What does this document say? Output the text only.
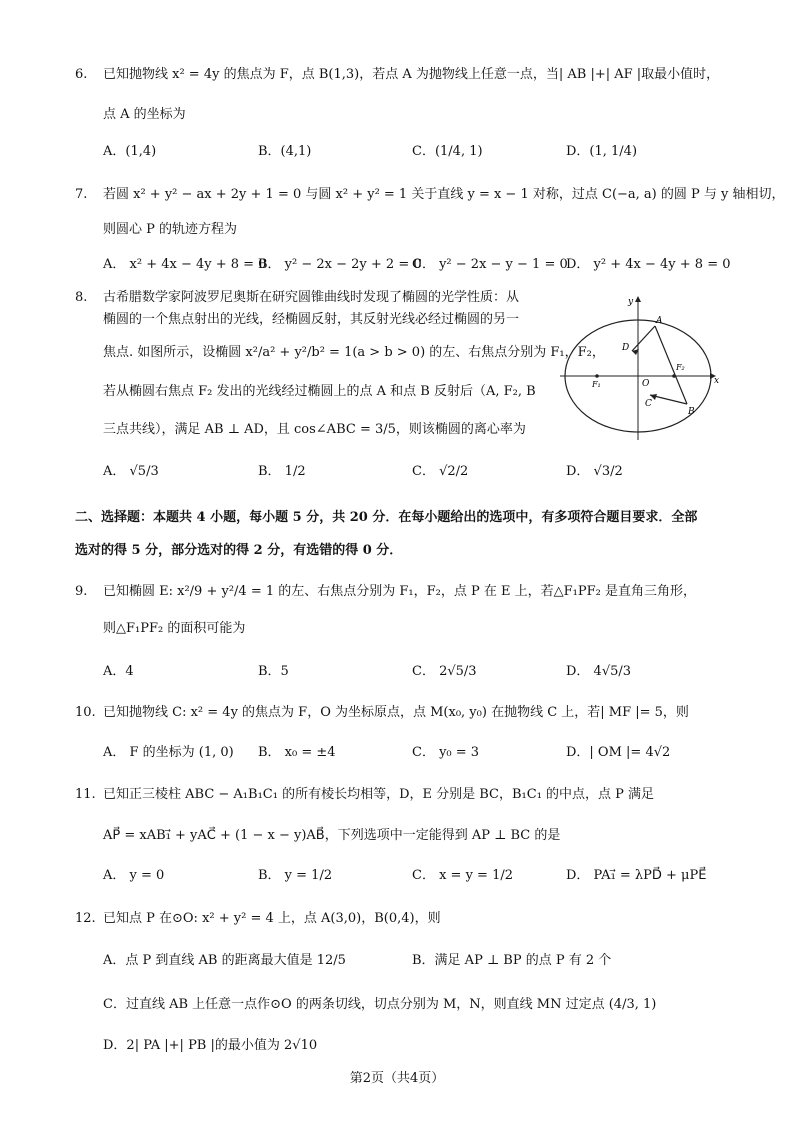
6. 已知抛物线 x² = 4y 的焦点为 F，点 B(1,3)，若点 A 为抛物线上任意一点，当| AB |+| AF |取最小值时，
点 A 的坐标为
A．(1,4)	B．(4,1)	C．(1/4, 1)	D．(1, 1/4)
7. 若圆 x² + y² − ax + 2y + 1 = 0 与圆 x² + y² = 1 关于直线 y = x − 1 对称，过点 C(−a, a) 的圆 P 与 y 轴相切，
则圆心 P 的轨迹方程为
A． x² + 4x − 4y + 8 = 0
B． y² − 2x − 2y + 2 = 0
C． y² − 2x − y − 1 = 0
D． y² + 4x − 4y + 8 = 0
8. 古希腊数学家阿波罗尼奥斯在研究圆锥曲线时发现了椭圆的光学性质：从
椭圆的一个焦点射出的光线，经椭圆反射，其反射光线必经过椭圆的另一
焦点. 如图所示，设椭圆 x²/a² + y²/b² = 1(a > b > 0) 的左、右焦点分别为 F₁，F₂，
若从椭圆右焦点 F₂ 发出的光线经过椭圆上的点 A 和点 B 反射后（A, F₂, B
三点共线），满足 AB ⊥ AD，且 cos∠ABC = 3/5，则该椭圆的离心率为
A． √5/3	B． 1/2	C． √2/2	D． √3/2
y
x
A
B
C
D
F₁
F₂
O
二、选择题：本题共 4 小题，每小题 5 分，共 20 分．在每小题给出的选项中，有多项符合题目要求．全部
选对的得 5 分，部分选对的得 2 分，有选错的得 0 分．
9. 已知椭圆 E: x²/9 + y²/4 = 1 的左、右焦点分别为 F₁，F₂，点 P 在 E 上，若△F₁PF₂ 是直角三角形，
则△F₁PF₂ 的面积可能为
A．4	B．5	C． 2√5/3	D． 4√5/3
10. 已知抛物线 C: x² = 4y 的焦点为 F，O 为坐标原点，点 M(x₀, y₀) 在抛物线 C 上，若| MF |= 5，则
A． F 的坐标为 (1, 0) B． x₀ = ±4	C． y₀ = 3	D．| OM |= 4√2
11. 已知正三棱柱 ABC − A₁B₁C₁ 的所有棱长均相等，D，E 分别是 BC，B₁C₁ 的中点，点 P 满足
AP⃗ = xAB₁⃗ + yAC⃗ + (1 − x − y)AB⃗，下列选项中一定能得到 AP ⊥ BC 的是
A． y = 0	B． y = 1/2	C． x = y = 1/2	D． PA₁⃗ = λPD⃗ + μPE⃗
12. 已知点 P 在⊙O: x² + y² = 4 上，点 A(3,0)，B(0,4)，则
A．点 P 到直线 AB 的距离最大值是 12/5	B．满足 AP ⊥ BP 的点 P 有 2 个
C．过直线 AB 上任意一点作⊙O 的两条切线，切点分别为 M，N，则直线 MN 过定点 (4/3, 1)
D．2| PA |+| PB |的最小值为 2√10
第2页（共4页）
